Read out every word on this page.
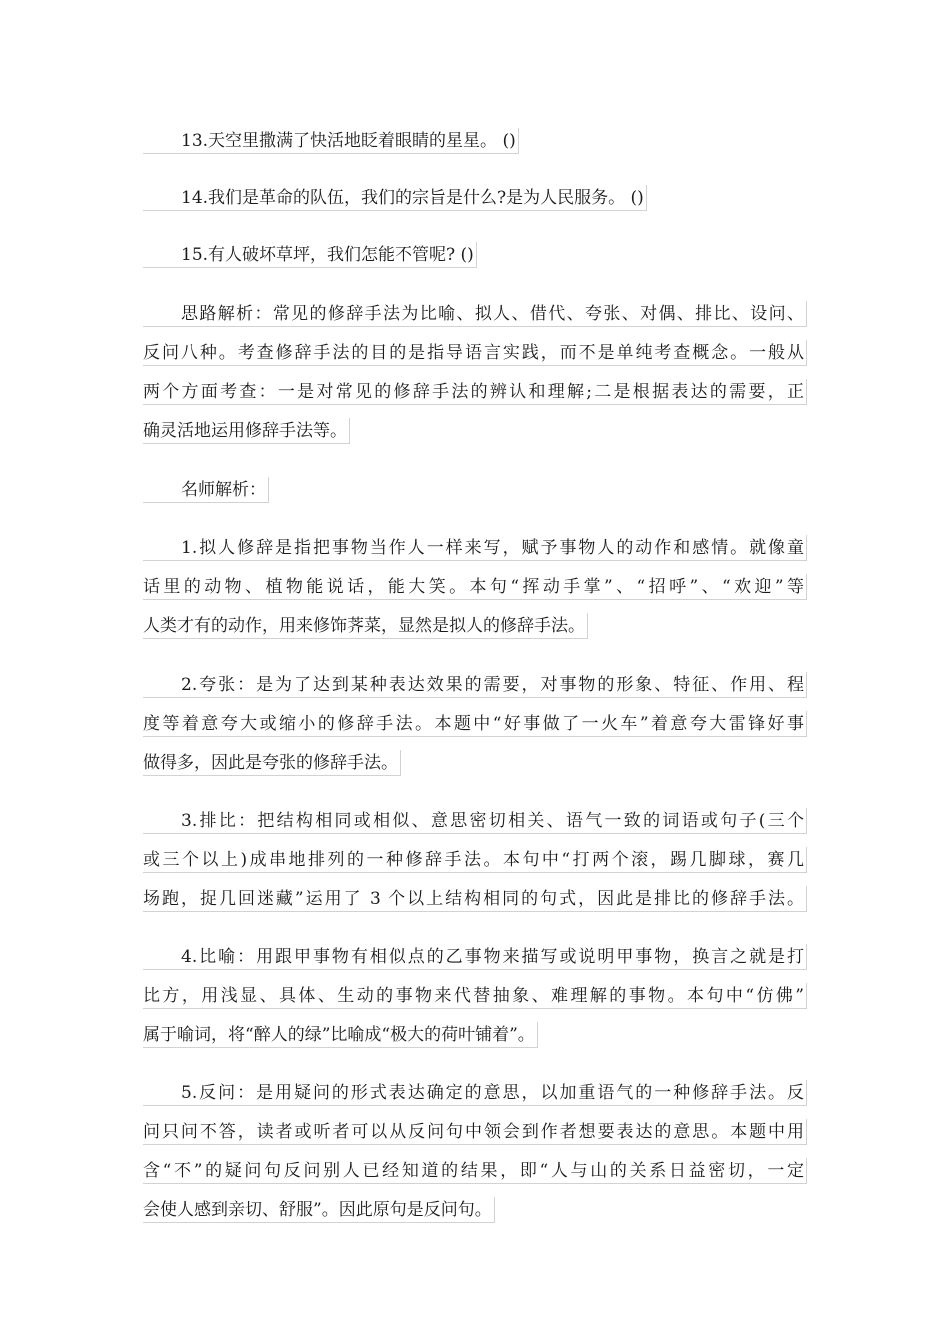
13.天空里撒满了快活地眨着眼睛的星星。 ()
14.我们是革命的队伍，我们的宗旨是什么?是为人民服务。 ()
15.有人破坏草坪，我们怎能不管呢? ()
思路解析：常见的修辞手法为比喻、拟人、借代、夸张、对偶、排比、设问、
反问八种。考查修辞手法的目的是指导语言实践，而不是单纯考查概念。一般从
两个方面考查：一是对常见的修辞手法的辨认和理解;二是根据表达的需要，正
确灵活地运用修辞手法等。
名师解析：
1.拟人修辞是指把事物当作人一样来写，赋予事物人的动作和感情。就像童
话里的动物、植物能说话，能大笑。本句“挥动手掌”、“招呼”、“欢迎”等
人类才有的动作，用来修饰荠菜，显然是拟人的修辞手法。
2.夸张：是为了达到某种表达效果的需要，对事物的形象、特征、作用、程
度等着意夸大或缩小的修辞手法。本题中“好事做了一火车”着意夸大雷锋好事
做得多，因此是夸张的修辞手法。
3.排比：把结构相同或相似、意思密切相关、语气一致的词语或句子(三个
或三个以上)成串地排列的一种修辞手法。本句中“打两个滚，踢几脚球，赛几
场跑，捉几回迷藏”运用了 3 个以上结构相同的句式，因此是排比的修辞手法。
4.比喻：用跟甲事物有相似点的乙事物来描写或说明甲事物，换言之就是打
比方，用浅显、具体、生动的事物来代替抽象、难理解的事物。本句中“仿佛”
属于喻词，将“醉人的绿”比喻成“极大的荷叶铺着”。
5.反问：是用疑问的形式表达确定的意思，以加重语气的一种修辞手法。反
问只问不答，读者或听者可以从反问句中领会到作者想要表达的意思。本题中用
含“不”的疑问句反问别人已经知道的结果，即“人与山的关系日益密切，一定
会使人感到亲切、舒服”。因此原句是反问句。
